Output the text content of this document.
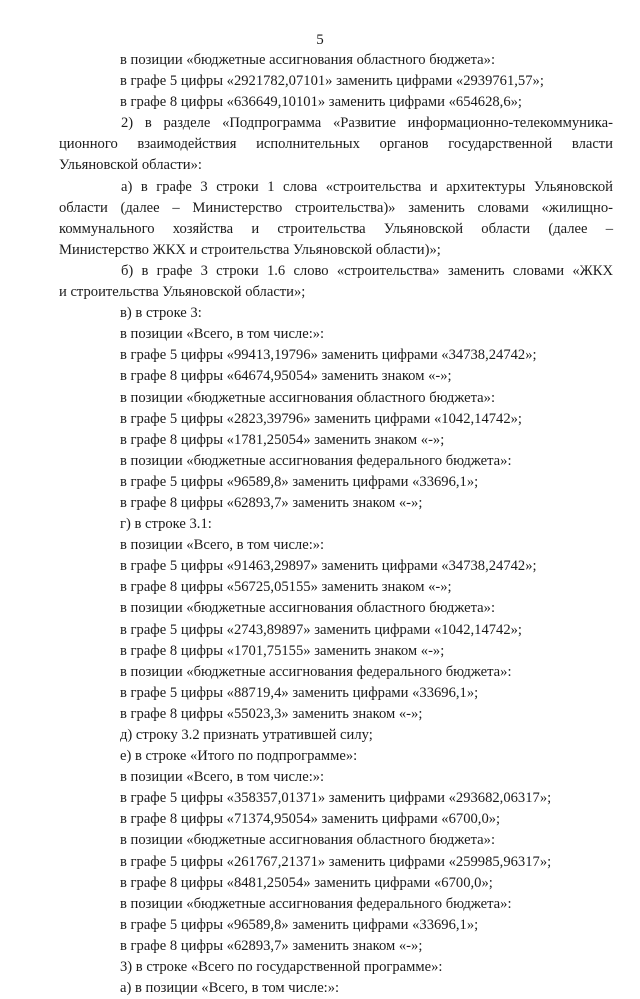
5
в позиции «бюджетные ассигнования областного бюджета»:
в графе 5 цифры «2921782,07101» заменить цифрами «2939761,57»;
в графе 8 цифры «636649,10101» заменить цифрами «654628,6»;
2) в разделе «Подпрограмма «Развитие информационно-телекоммуника-
ционного взаимодействия исполнительных органов государственной власти
Ульяновской области»:
а) в графе 3 строки 1 слова «строительства и архитектуры Ульяновской
области (далее – Министерство строительства)» заменить словами «жилищно-
коммунального хозяйства и строительства Ульяновской области (далее –
Министерство ЖКХ и строительства Ульяновской области)»;
б) в графе 3 строки 1.6 слово «строительства» заменить словами «ЖКХ
и строительства Ульяновской области»;
в) в строке 3:
в позиции «Всего, в том числе:»:
в графе 5 цифры «99413,19796» заменить цифрами «34738,24742»;
в графе 8 цифры «64674,95054» заменить знаком «-»;
в позиции «бюджетные ассигнования областного бюджета»:
в графе 5 цифры «2823,39796» заменить цифрами «1042,14742»;
в графе 8 цифры «1781,25054» заменить знаком «-»;
в позиции «бюджетные ассигнования федерального бюджета»:
в графе 5 цифры «96589,8» заменить цифрами «33696,1»;
в графе 8 цифры «62893,7» заменить знаком «-»;
г) в строке 3.1:
в позиции «Всего, в том числе:»:
в графе 5 цифры «91463,29897» заменить цифрами «34738,24742»;
в графе 8 цифры «56725,05155» заменить знаком «-»;
в позиции «бюджетные ассигнования областного бюджета»:
в графе 5 цифры «2743,89897» заменить цифрами «1042,14742»;
в графе 8 цифры «1701,75155» заменить знаком «-»;
в позиции «бюджетные ассигнования федерального бюджета»:
в графе 5 цифры «88719,4» заменить цифрами «33696,1»;
в графе 8 цифры «55023,3» заменить знаком «-»;
д) строку 3.2 признать утратившей силу;
е) в строке «Итого по подпрограмме»:
в позиции «Всего, в том числе:»:
в графе 5 цифры «358357,01371» заменить цифрами «293682,06317»;
в графе 8 цифры «71374,95054» заменить цифрами «6700,0»;
в позиции «бюджетные ассигнования областного бюджета»:
в графе 5 цифры «261767,21371» заменить цифрами «259985,96317»;
в графе 8 цифры «8481,25054» заменить цифрами «6700,0»;
в позиции «бюджетные ассигнования федерального бюджета»:
в графе 5 цифры «96589,8» заменить цифрами «33696,1»;
в графе 8 цифры «62893,7» заменить знаком «-»;
3) в строке «Всего по государственной программе»:
а) в позиции «Всего, в том числе:»:
